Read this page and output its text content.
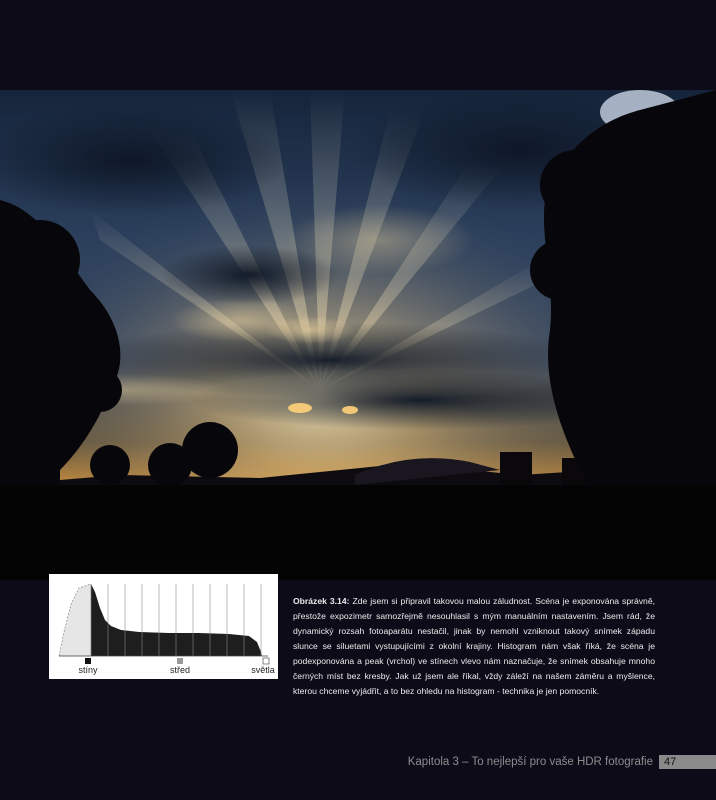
stíny	střed	světla

Obrázek 3.14: Zde jsem si připravil takovou malou záludnost. Scéna je exponována správně, přestože expozimetr samozřejmě nesouhlasil s mým manuálním nastavením. Jsem rád, že dynamický rozsah fotoaparátu nestačil, jinak by nemohl vzniknout takový snímek západu slunce se siluetami vystupujícími z okolní krajiny. Histogram nám však říká, že scéna je podexponována a peak (vrchol) ve stínech vlevo nám naznačuje, že snímek obsahuje mnoho černých míst bez kresby. Jak už jsem ale říkal, vždy záleží na našem záměru a myšlence, kterou chceme vyjádřit, a to bez ohledu na histogram - technika je jen pomocník.

Kapitola 3 – To nejlepší pro vaše HDR fotografie	47
